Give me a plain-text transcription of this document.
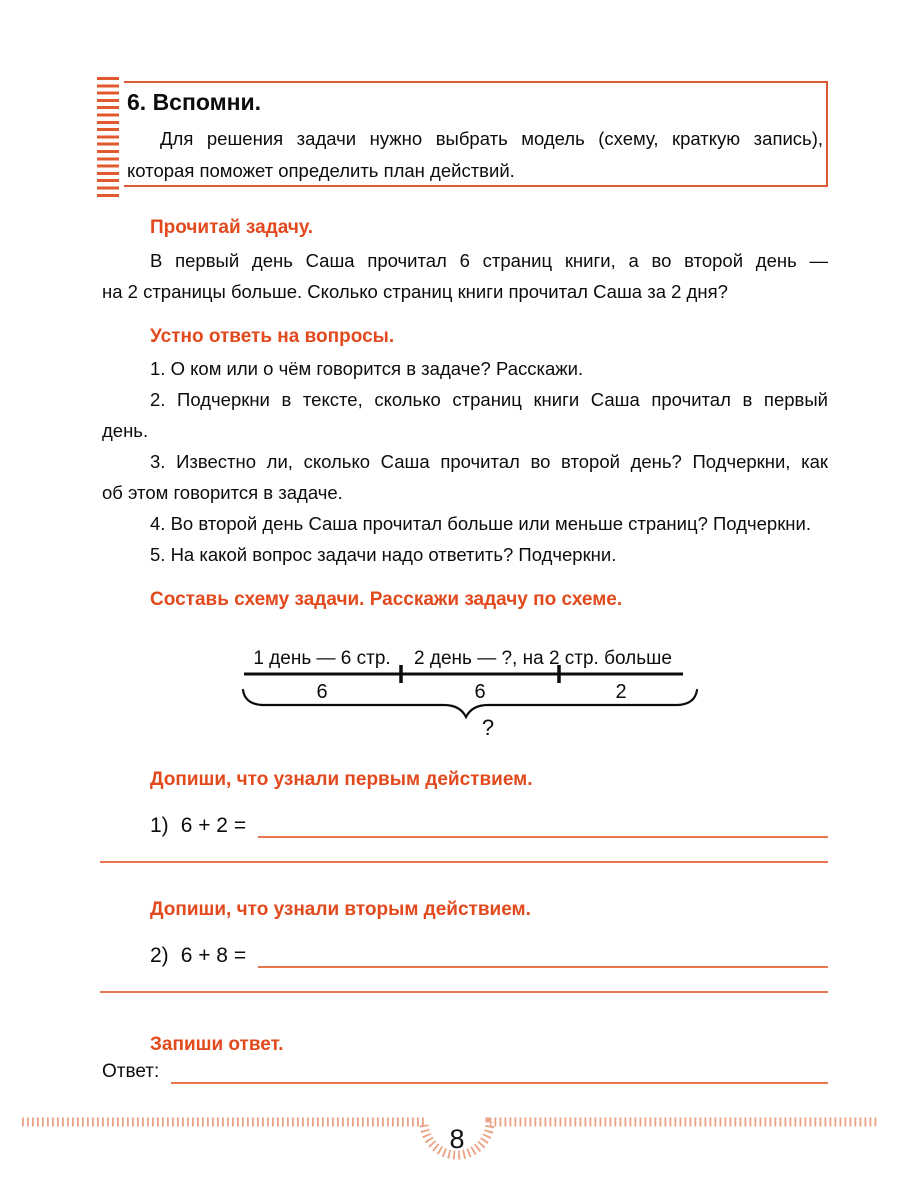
6. Вспомни.
Для решения задачи нужно выбрать модель (схему, краткую запись),
которая поможет определить план действий.
Прочитай задачу.
В первый день Саша прочитал 6 страниц книги, а во второй день —
на 2 страницы больше. Сколько страниц книги прочитал Саша за 2 дня?
Устно ответь на вопросы.
1. О ком или о чём говорится в задаче? Расскажи.
2. Подчеркни в тексте, сколько страниц книги Саша прочитал в первый
день.
3. Известно ли, сколько Саша прочитал во второй день? Подчеркни, как
об этом говорится в задаче.
4. Во второй день Саша прочитал больше или меньше страниц? Подчеркни.
5. На какой вопрос задачи надо ответить? Подчеркни.
Составь схему задачи. Расскажи задачу по схеме.
1 день — 6 стр. 2 день — ?, на 2 стр. больше
6	6	2
?
Допиши, что узнали первым действием.
1) 6 + 2 =
Допиши, что узнали вторым действием.
2) 6 + 8 =
Запиши ответ.
Ответ:
8
